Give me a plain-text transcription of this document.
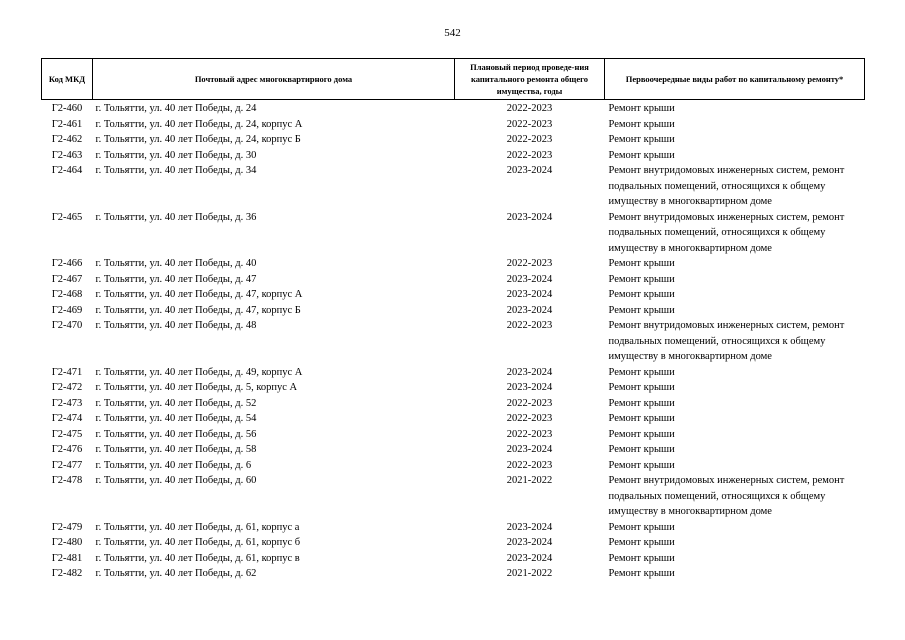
542
Код МКД	Почтовый адрес многоквартирного дома	Плановый период проведе-ния капитального ремонта общего имущества, годы	Первоочередные виды работ по капитальному ремонту*
Г2-460	г. Тольятти, ул. 40 лет Победы, д. 24	2022-2023	Ремонт крыши
Г2-461	г. Тольятти, ул. 40 лет Победы, д. 24, корпус А	2022-2023	Ремонт крыши
Г2-462	г. Тольятти, ул. 40 лет Победы, д. 24, корпус Б	2022-2023	Ремонт крыши
Г2-463	г. Тольятти, ул. 40 лет Победы, д. 30	2022-2023	Ремонт крыши
Г2-464	г. Тольятти, ул. 40 лет Победы, д. 34	2023-2024	Ремонт внутридомовых инженерных систем, ремонт подвальных помещений, относящихся к общему имуществу в многоквартирном доме
Г2-465	г. Тольятти, ул. 40 лет Победы, д. 36	2023-2024	Ремонт внутридомовых инженерных систем, ремонт подвальных помещений, относящихся к общему имуществу в многоквартирном доме
Г2-466	г. Тольятти, ул. 40 лет Победы, д. 40	2022-2023	Ремонт крыши
Г2-467	г. Тольятти, ул. 40 лет Победы, д. 47	2023-2024	Ремонт крыши
Г2-468	г. Тольятти, ул. 40 лет Победы, д. 47, корпус А	2023-2024	Ремонт крыши
Г2-469	г. Тольятти, ул. 40 лет Победы, д. 47, корпус Б	2023-2024	Ремонт крыши
Г2-470	г. Тольятти, ул. 40 лет Победы, д. 48	2022-2023	Ремонт внутридомовых инженерных систем, ремонт подвальных помещений, относящихся к общему имуществу в многоквартирном доме
Г2-471	г. Тольятти, ул. 40 лет Победы, д. 49, корпус А	2023-2024	Ремонт крыши
Г2-472	г. Тольятти, ул. 40 лет Победы, д. 5, корпус А	2023-2024	Ремонт крыши
Г2-473	г. Тольятти, ул. 40 лет Победы, д. 52	2022-2023	Ремонт крыши
Г2-474	г. Тольятти, ул. 40 лет Победы, д. 54	2022-2023	Ремонт крыши
Г2-475	г. Тольятти, ул. 40 лет Победы, д. 56	2022-2023	Ремонт крыши
Г2-476	г. Тольятти, ул. 40 лет Победы, д. 58	2023-2024	Ремонт крыши
Г2-477	г. Тольятти, ул. 40 лет Победы, д. 6	2022-2023	Ремонт крыши
Г2-478	г. Тольятти, ул. 40 лет Победы, д. 60	2021-2022	Ремонт внутридомовых инженерных систем, ремонт подвальных помещений, относящихся к общему имуществу в многоквартирном доме
Г2-479	г. Тольятти, ул. 40 лет Победы, д. 61, корпус а	2023-2024	Ремонт крыши
Г2-480	г. Тольятти, ул. 40 лет Победы, д. 61, корпус б	2023-2024	Ремонт крыши
Г2-481	г. Тольятти, ул. 40 лет Победы, д. 61, корпус в	2023-2024	Ремонт крыши
Г2-482	г. Тольятти, ул. 40 лет Победы, д. 62	2021-2022	Ремонт крыши
